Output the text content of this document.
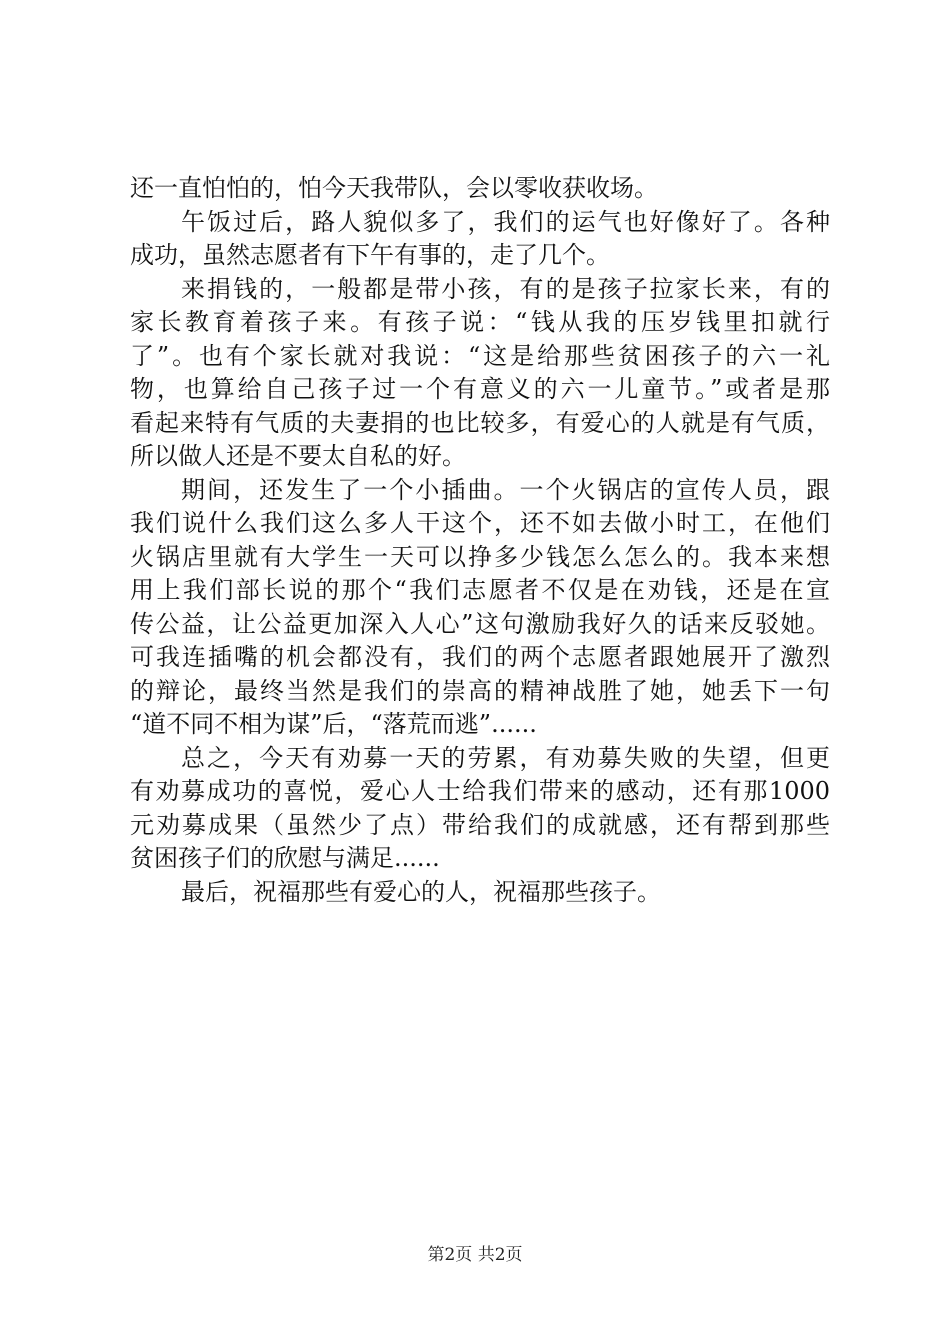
还一直怕怕的，怕今天我带队，会以零收获收场。
午饭过后，路人貌似多了，我们的运气也好像好了。各种
成功，虽然志愿者有下午有事的，走了几个。
来捐钱的，一般都是带小孩，有的是孩子拉家长来，有的
家长教育着孩子来。有孩子说：“钱从我的压岁钱里扣就行
了”。也有个家长就对我说：“这是给那些贫困孩子的六一礼
物，也算给自己孩子过一个有意义的六一儿童节。”或者是那
看起来特有气质的夫妻捐的也比较多，有爱心的人就是有气质，
所以做人还是不要太自私的好。
期间，还发生了一个小插曲。一个火锅店的宣传人员，跟
我们说什么我们这么多人干这个，还不如去做小时工，在他们
火锅店里就有大学生一天可以挣多少钱怎么怎么的。我本来想
用上我们部长说的那个“我们志愿者不仅是在劝钱，还是在宣
传公益，让公益更加深入人心”这句激励我好久的话来反驳她。
可我连插嘴的机会都没有，我们的两个志愿者跟她展开了激烈
的辩论，最终当然是我们的崇高的精神战胜了她，她丢下一句
“道不同不相为谋”后，“落荒而逃”......
总之，今天有劝募一天的劳累，有劝募失败的失望，但更
有劝募成功的喜悦，爱心人士给我们带来的感动，还有那1000
元劝募成果（虽然少了点）带给我们的成就感，还有帮到那些
贫困孩子们的欣慰与满足......
最后，祝福那些有爱心的人，祝福那些孩子。
第2页 共2页
